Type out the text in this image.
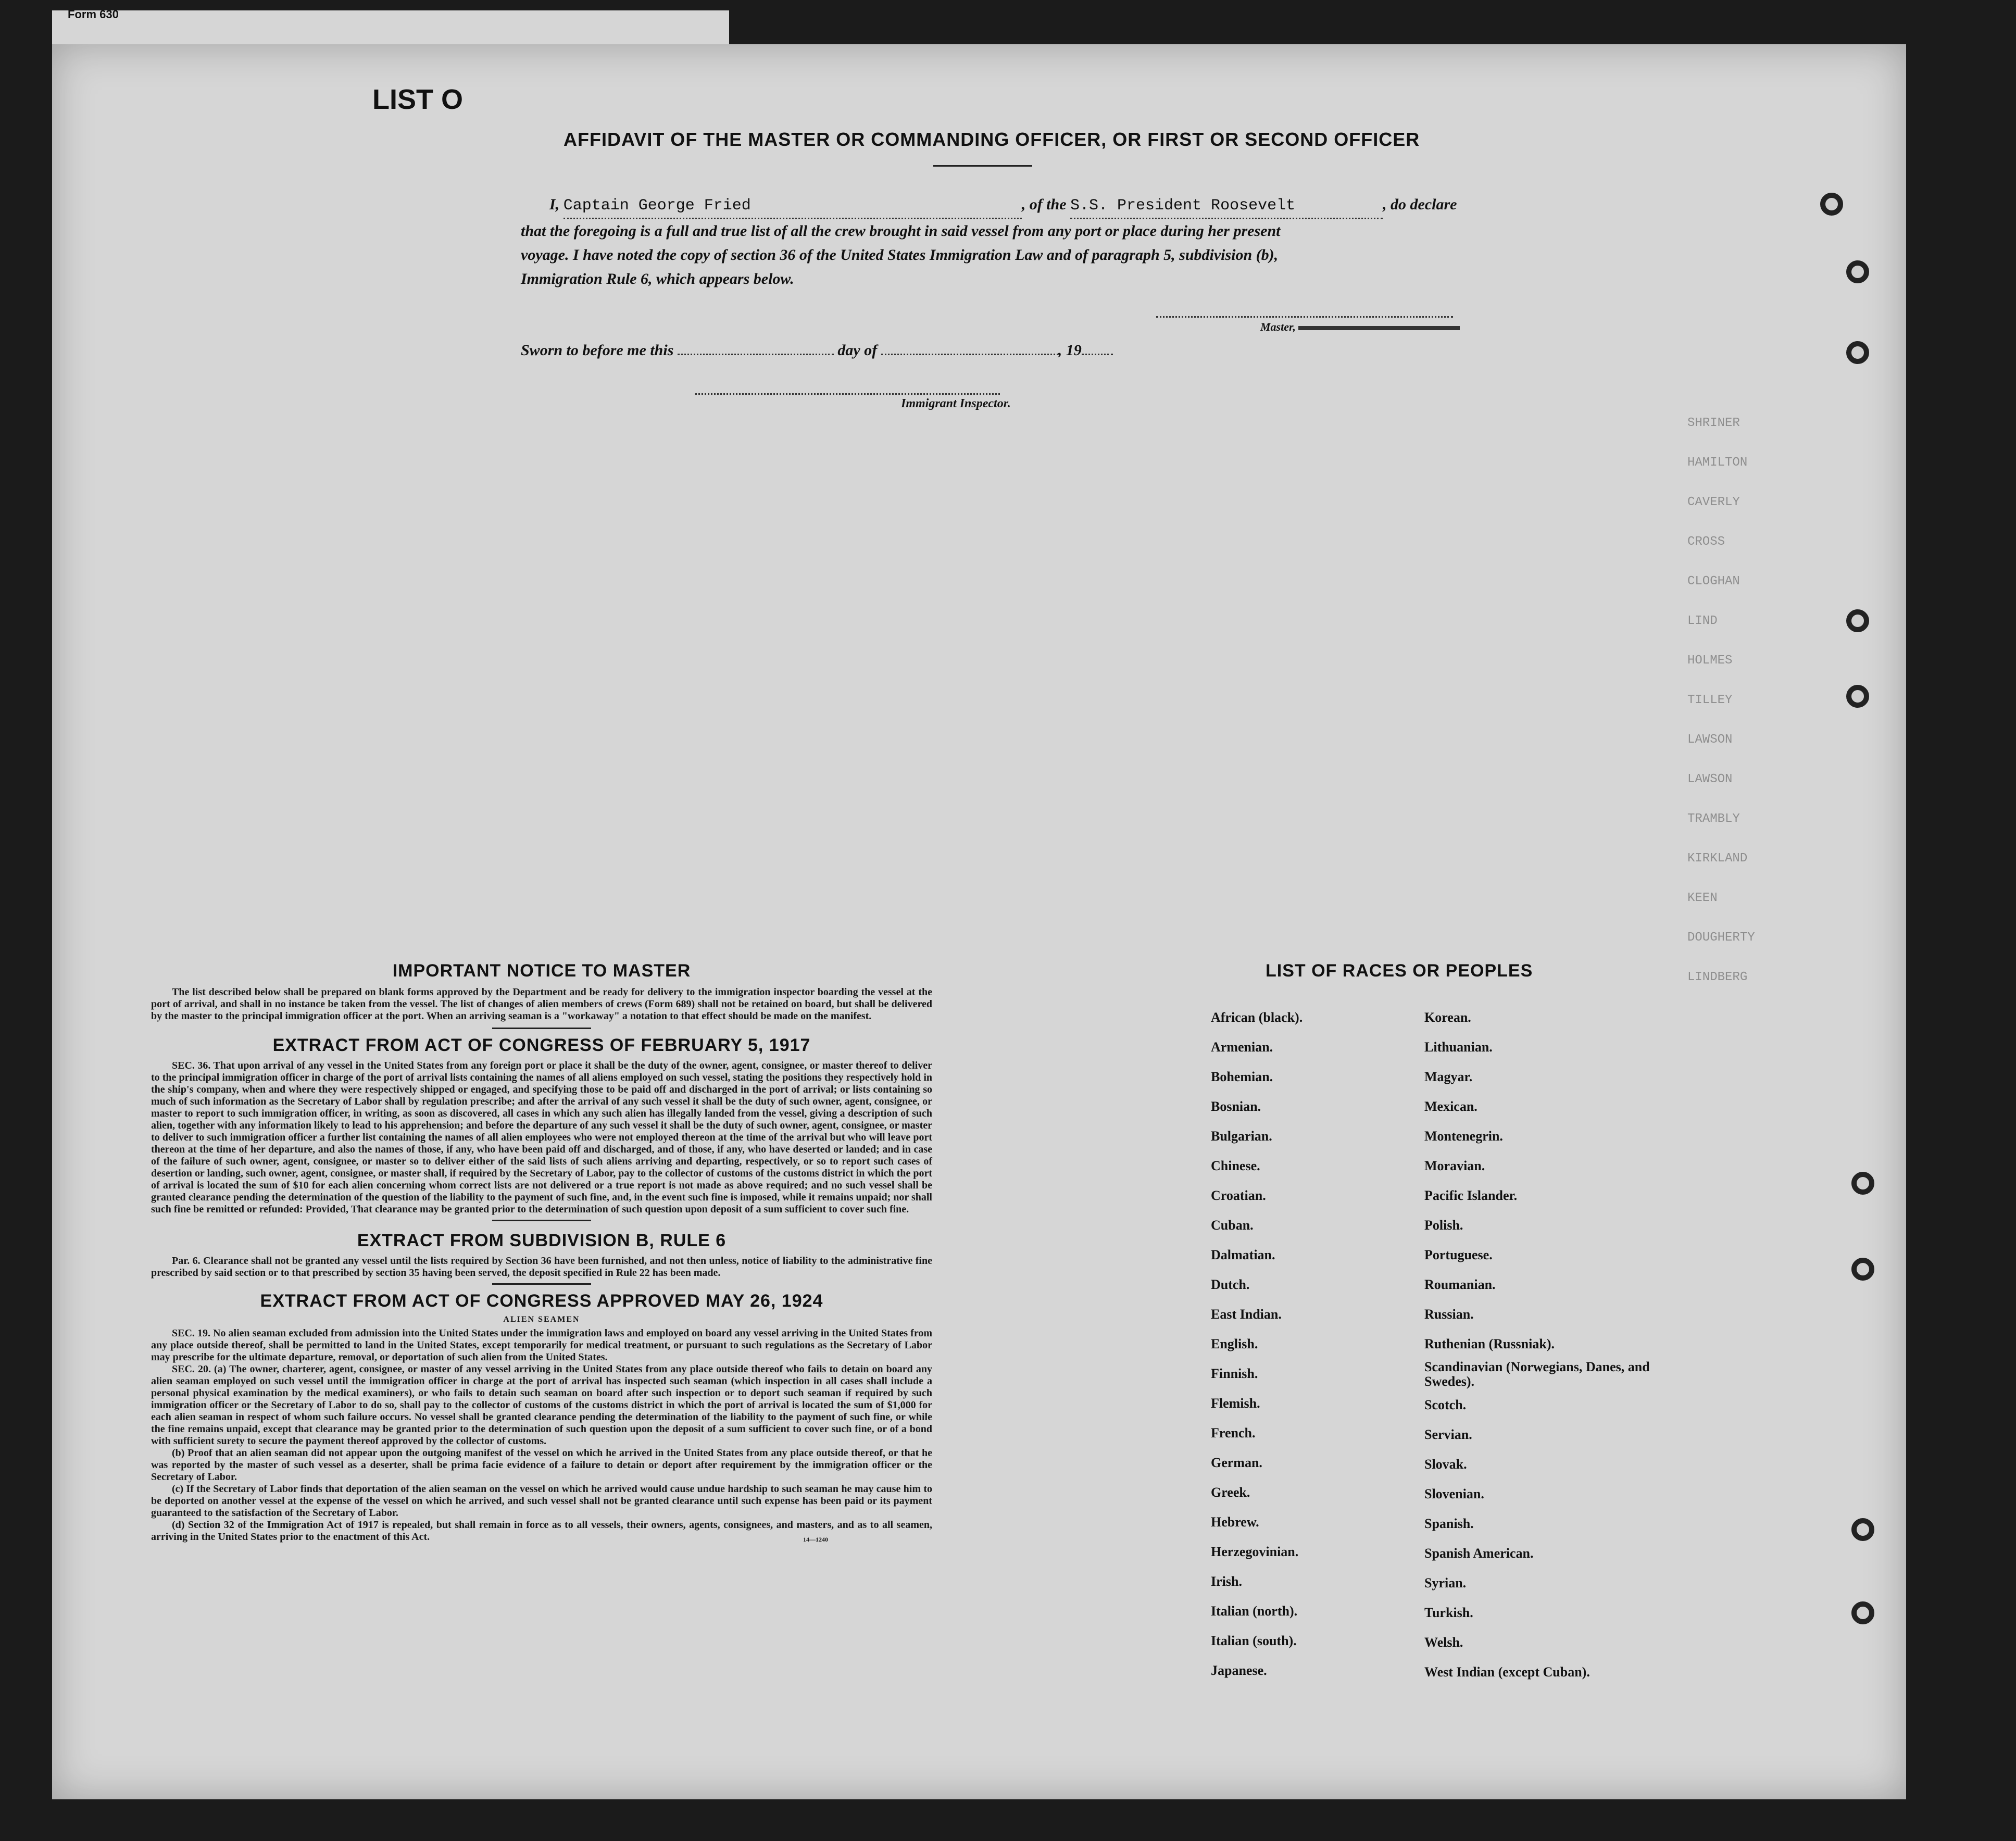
SHRINER
HAMILTON
CAVERLY
CROSS
CLOGHAN
LIND
HOLMES
TILLEY
LAWSON
LAWSON
TRAMBLY
KIRKLAND
KEEN
DOUGHERTY
LINDBERG
Form 630
LIST O
AFFIDAVIT OF THE MASTER OR COMMANDING OFFICER, OR FIRST OR SECOND OFFICER
I, Captain George Fried	, of the S.S. President Roosevelt	, do declare
that the foregoing is a full and true list of all the crew brought in said vessel from any port or place during her present
voyage. I have noted the copy of section 36 of the United States Immigration Law and of paragraph 5, subdivision (b),
Immigration Rule 6, which appears below.
Master,
Sworn to before me this	day of	, 19
Immigrant Inspector.
IMPORTANT NOTICE TO MASTER
The list described below shall be prepared on blank forms approved by the Department and be ready for delivery to the immigration inspector boarding the vessel at the port of arrival, and shall in no instance be taken from the vessel. The list of changes of alien members of crews (Form 689) shall not be retained on board, but shall be delivered by the master to the principal immigration officer at the port. When an arriving seaman is a "workaway" a notation to that effect should be made on the manifest.
EXTRACT FROM ACT OF CONGRESS OF FEBRUARY 5, 1917
SEC. 36. That upon arrival of any vessel in the United States from any foreign port or place it shall be the duty of the owner, agent, consignee, or master thereof to deliver to the principal immigration officer in charge of the port of arrival lists containing the names of all aliens employed on such vessel, stating the positions they respectively hold in the ship's company, when and where they were respectively shipped or engaged, and specifying those to be paid off and discharged in the port of arrival; or lists containing so much of such information as the Secretary of Labor shall by regulation prescribe; and after the arrival of any such vessel it shall be the duty of such owner, agent, consignee, or master to report to such immigration officer, in writing, as soon as discovered, all cases in which any such alien has illegally landed from the vessel, giving a description of such alien, together with any information likely to lead to his apprehension; and before the departure of any such vessel it shall be the duty of such owner, agent, consignee, or master to deliver to such immigration officer a further list containing the names of all alien employees who were not employed thereon at the time of the arrival but who will leave port thereon at the time of her departure, and also the names of those, if any, who have been paid off and discharged, and of those, if any, who have deserted or landed; and in case of the failure of such owner, agent, consignee, or master so to deliver either of the said lists of such aliens arriving and departing, respectively, or so to report such cases of desertion or landing, such owner, agent, consignee, or master shall, if required by the Secretary of Labor, pay to the collector of customs of the customs district in which the port of arrival is located the sum of $10 for each alien concerning whom correct lists are not delivered or a true report is not made as above required; and no such vessel shall be granted clearance pending the determination of the question of the liability to the payment of such fine, and, in the event such fine is imposed, while it remains unpaid; nor shall such fine be remitted or refunded: Provided, That clearance may be granted prior to the determination of such question upon deposit of a sum sufficient to cover such fine.
EXTRACT FROM SUBDIVISION B, RULE 6
Par. 6. Clearance shall not be granted any vessel until the lists required by Section 36 have been furnished, and not then unless, notice of liability to the administrative fine prescribed by said section or to that prescribed by section 35 having been served, the deposit specified in Rule 22 has been made.
EXTRACT FROM ACT OF CONGRESS APPROVED MAY 26, 1924
ALIEN SEAMEN
SEC. 19. No alien seaman excluded from admission into the United States under the immigration laws and employed on board any vessel arriving in the United States from any place outside thereof, shall be permitted to land in the United States, except temporarily for medical treatment, or pursuant to such regulations as the Secretary of Labor may prescribe for the ultimate departure, removal, or deportation of such alien from the United States.
SEC. 20. (a) The owner, charterer, agent, consignee, or master of any vessel arriving in the United States from any place outside thereof who fails to detain on board any alien seaman employed on such vessel until the immigration officer in charge at the port of arrival has inspected such seaman (which inspection in all cases shall include a personal physical examination by the medical examiners), or who fails to detain such seaman on board after such inspection or to deport such seaman if required by such immigration officer or the Secretary of Labor to do so, shall pay to the collector of customs of the customs district in which the port of arrival is located the sum of $1,000 for each alien seaman in respect of whom such failure occurs. No vessel shall be granted clearance pending the determination of the liability to the payment of such fine, or while the fine remains unpaid, except that clearance may be granted prior to the determination of such question upon the deposit of a sum sufficient to cover such fine, or of a bond with sufficient surety to secure the payment thereof approved by the collector of customs.
(b) Proof that an alien seaman did not appear upon the outgoing manifest of the vessel on which he arrived in the United States from any place outside thereof, or that he was reported by the master of such vessel as a deserter, shall be prima facie evidence of a failure to detain or deport after requirement by the immigration officer or the Secretary of Labor.
(c) If the Secretary of Labor finds that deportation of the alien seaman on the vessel on which he arrived would cause undue hardship to such seaman he may cause him to be deported on another vessel at the expense of the vessel on which he arrived, and such vessel shall not be granted clearance until such expense has been paid or its payment guaranteed to the satisfaction of the Secretary of Labor.
(d) Section 32 of the Immigration Act of 1917 is repealed, but shall remain in force as to all vessels, their owners, agents, consignees, and masters, and as to all seamen, arriving in the United States prior to the enactment of this Act.	14—1240
LIST OF RACES OR PEOPLES
African (black).
Armenian.
Bohemian.
Bosnian.
Bulgarian.
Chinese.
Croatian.
Cuban.
Dalmatian.
Dutch.
East Indian.
English.
Finnish.
Flemish.
French.
German.
Greek.
Hebrew.
Herzegovinian.
Irish.
Italian (north).
Italian (south).
Japanese.
Korean.
Lithuanian.
Magyar.
Mexican.
Montenegrin.
Moravian.
Pacific Islander.
Polish.
Portuguese.
Roumanian.
Russian.
Ruthenian (Russniak).
Scandinavian (Norwegians, Danes, and Swedes).
Scotch.
Servian.
Slovak.
Slovenian.
Spanish.
Spanish American.
Syrian.
Turkish.
Welsh.
West Indian (except Cuban).
